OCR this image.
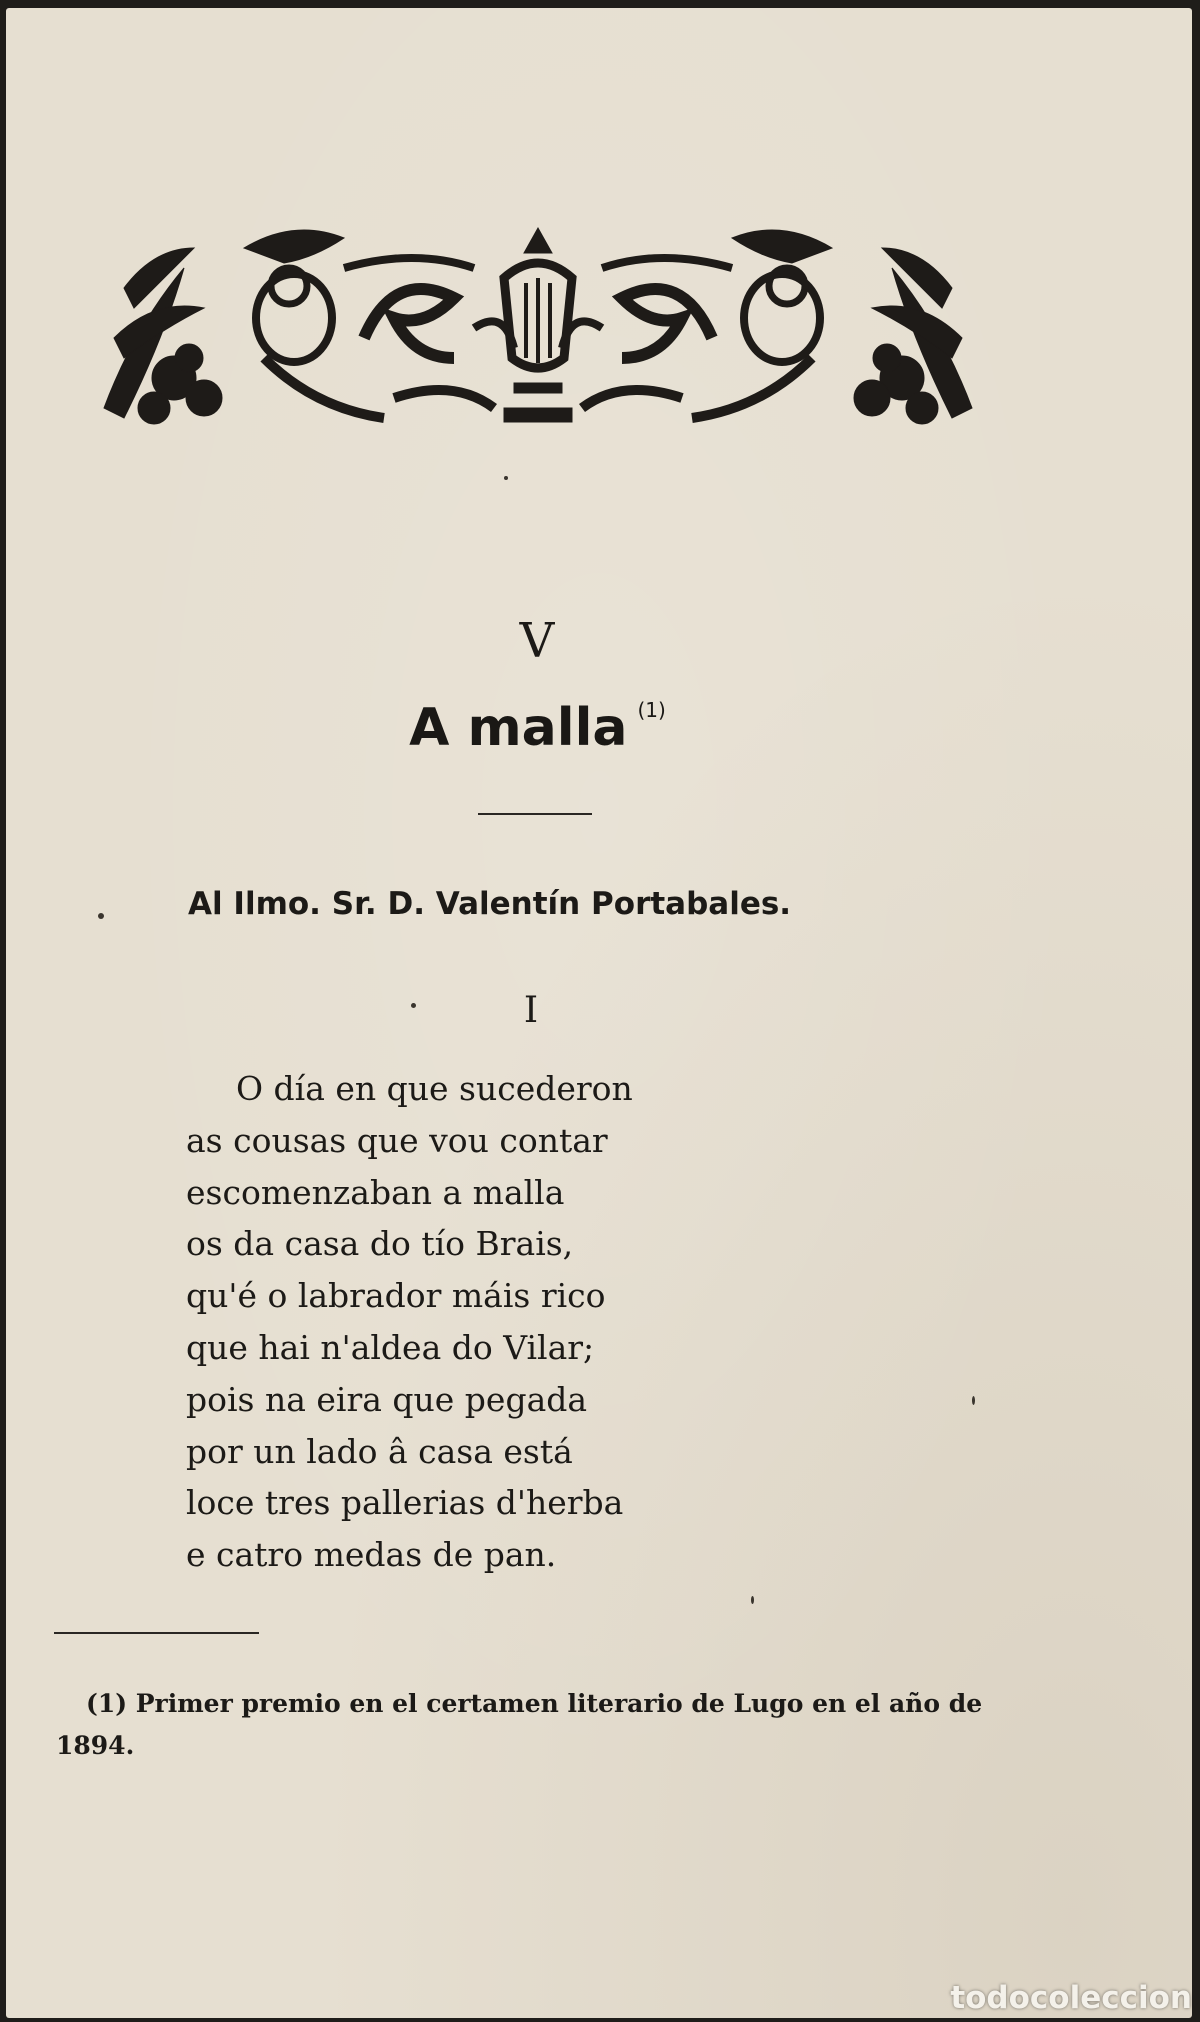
V
A malla $^{(1)}$
Al Ilmo. Sr. D. Valentín Portabales.
I
O día en que sucederon
as cousas que vou contar
escomenzaban a malla
os da casa do tío Brais,
qu'é o labrador máis rico
que hai n'aldea do Vilar;
pois na eira que pegada
por un lado â casa está
loce tres pallerias d'herba
e catro medas de pan.
(1) Primer premio en el certamen literario de Lugo en el año de 1894.
todocoleccion
